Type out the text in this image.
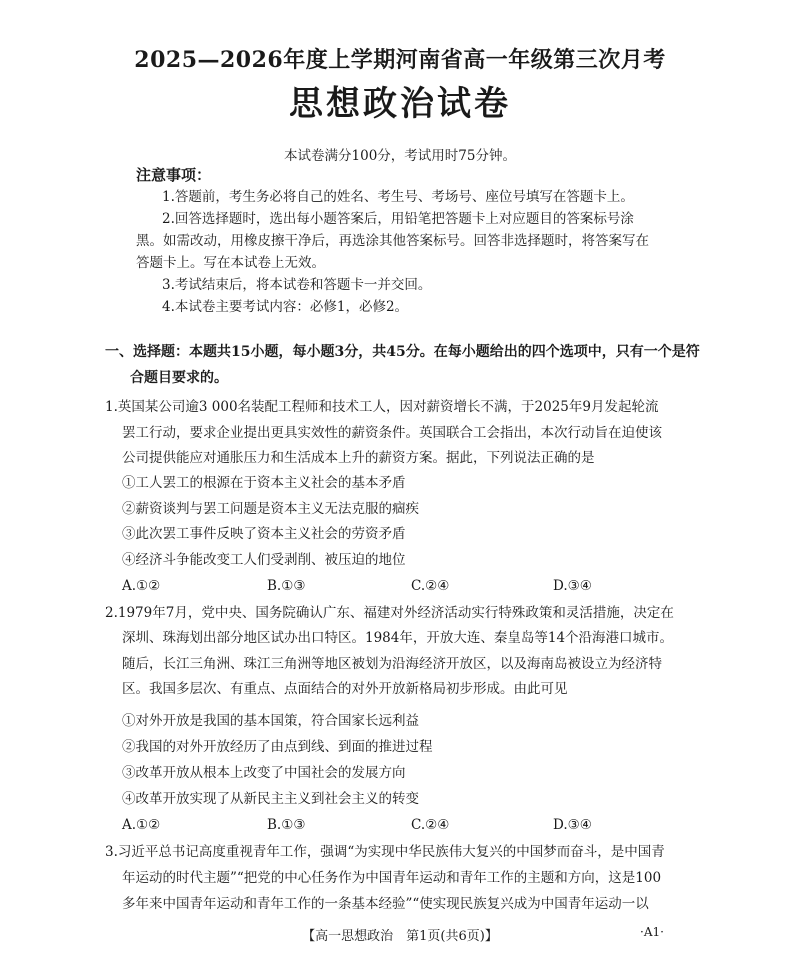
2025—2026年度上学期河南省高一年级第三次月考
思想政治试卷
本试卷满分100分，考试用时75分钟。
注意事项：
1.答题前，考生务必将自己的姓名、考生号、考场号、座位号填写在答题卡上。
2.回答选择题时，选出每小题答案后，用铅笔把答题卡上对应题目的答案标号涂
黑。如需改动，用橡皮擦干净后，再选涂其他答案标号。回答非选择题时，将答案写在
答题卡上。写在本试卷上无效。
3.考试结束后，将本试卷和答题卡一并交回。
4.本试卷主要考试内容：必修1，必修2。
一、选择题：本题共15小题，每小题3分，共45分。在每小题给出的四个选项中，只有一个是符
合题目要求的。
1.英国某公司逾3 000名装配工程师和技术工人，因对薪资增长不满，于2025年9月发起轮流
罢工行动，要求企业提出更具实效性的薪资条件。英国联合工会指出，本次行动旨在迫使该
公司提供能应对通胀压力和生活成本上升的薪资方案。据此，下列说法正确的是
①工人罢工的根源在于资本主义社会的基本矛盾
②薪资谈判与罢工问题是资本主义无法克服的痼疾
③此次罢工事件反映了资本主义社会的劳资矛盾
④经济斗争能改变工人们受剥削、被压迫的地位
A.①②	B.①③	C.②④	D.③④
2.1979年7月，党中央、国务院确认广东、福建对外经济活动实行特殊政策和灵活措施，决定在
深圳、珠海划出部分地区试办出口特区。1984年，开放大连、秦皇岛等14个沿海港口城市。
随后，长江三角洲、珠江三角洲等地区被划为沿海经济开放区，以及海南岛被设立为经济特
区。我国多层次、有重点、点面结合的对外开放新格局初步形成。由此可见
①对外开放是我国的基本国策，符合国家长远利益
②我国的对外开放经历了由点到线、到面的推进过程
③改革开放从根本上改变了中国社会的发展方向
④改革开放实现了从新民主主义到社会主义的转变
A.①②	B.①③	C.②④	D.③④
3.习近平总书记高度重视青年工作，强调“为实现中华民族伟大复兴的中国梦而奋斗，是中国青
年运动的时代主题”“把党的中心任务作为中国青年运动和青年工作的主题和方向，这是100
多年来中国青年运动和青年工作的一条基本经验”“使实现民族复兴成为中国青年运动一以
【高一思想政治　第1页(共6页)】	·A1·
